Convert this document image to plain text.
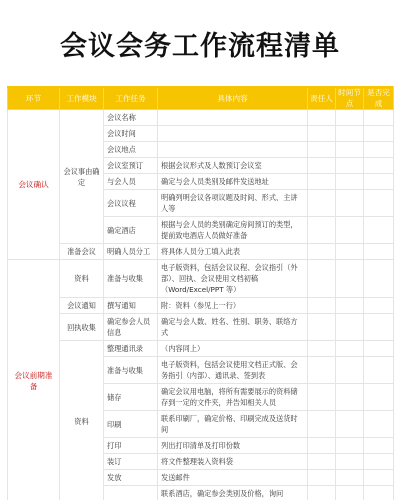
会议会务工作流程清单
环节	工作模块	工作任务	具体内容	责任人	时间节点	是否完成
会议确认	会议事由确定	会议名称				
		会议时间				
		会议地点				
		会议室预订	根据会议形式及人数预订会议室			
		与会人员	确定与会人员类别及邮件发送地址			
		会议议程	明确列明会议各项议题及时间、形式、主讲人等			
		确定酒店	根据与会人员的类别确定房间预订的类型，提前致电酒店人员做好准备			
	准备会议	明确人员分工	将具体人员分工填入此表			
会议前期准备	资料	准备与收集	电子版资料，包括会议议程、会议指引（外部）、回执、会议使用文档初稿（Word/Excel/PPT 等）			
	会议通知	撰写通知	附：资料（参见上一行）			
	回执收集	确定参会人员信息	确定与会人数、姓名、性别、职务、联络方式			
	资料	整理通讯录	（内容同上）			
		准备与收集	电子版资料，包括会议使用文档正式版、会务指引（内部）、通讯录、签到表			
		储存	确定会议用电脑，将所有需要展示的资料储存到一定的文件夹，并告知相关人员			
		印刷	联系印刷厂，确定价格、印刷完成及送货时间			
		打印	列出打印清单及打印份数			
		装订	将文件整理装入资料袋			
		发放	发送邮件			
			联系酒店，确定参会类别及价格，询问			
